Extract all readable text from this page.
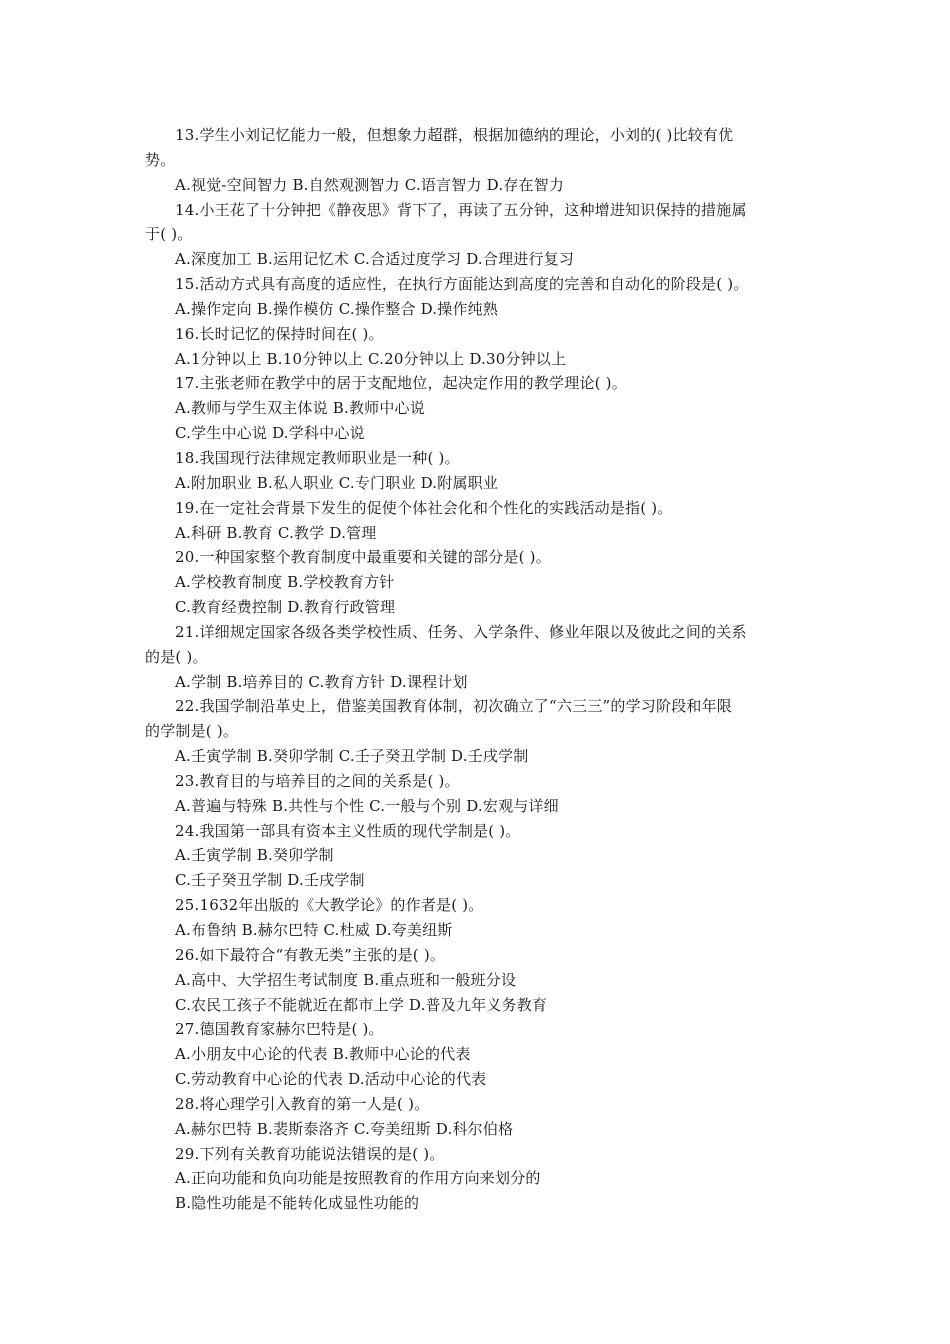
13.学生小刘记忆能力一般，但想象力超群，根据加德纳的理论，小刘的( )比较有优
势。
A.视觉-空间智力 B.自然观测智力 C.语言智力 D.存在智力
14.小王花了十分钟把《静夜思》背下了，再读了五分钟，这种增进知识保持的措施属
于( )。
A.深度加工 B.运用记忆术 C.合适过度学习 D.合理进行复习
15.活动方式具有高度的适应性，在执行方面能达到高度的完善和自动化的阶段是( )。
A.操作定向 B.操作模仿 C.操作整合 D.操作纯熟
16.长时记忆的保持时间在( )。
A.1分钟以上 B.10分钟以上 C.20分钟以上 D.30分钟以上
17.主张老师在教学中的居于支配地位，起决定作用的教学理论( )。
A.教师与学生双主体说 B.教师中心说
C.学生中心说 D.学科中心说
18.我国现行法律规定教师职业是一种( )。
A.附加职业 B.私人职业 C.专门职业 D.附属职业
19.在一定社会背景下发生的促使个体社会化和个性化的实践活动是指( )。
A.科研 B.教育 C.教学 D.管理
20.一种国家整个教育制度中最重要和关键的部分是( )。
A.学校教育制度 B.学校教育方针
C.教育经费控制 D.教育行政管理
21.详细规定国家各级各类学校性质、任务、入学条件、修业年限以及彼此之间的关系
的是( )。
A.学制 B.培养目的 C.教育方针 D.课程计划
22.我国学制沿革史上，借鉴美国教育体制，初次确立了“六三三”的学习阶段和年限
的学制是( )。
A.壬寅学制 B.癸卯学制 C.壬子癸丑学制 D.壬戌学制
23.教育目的与培养目的之间的关系是( )。
A.普遍与特殊 B.共性与个性 C.一般与个别 D.宏观与详细
24.我国第一部具有资本主义性质的现代学制是( )。
A.壬寅学制 B.癸卯学制
C.壬子癸丑学制 D.壬戌学制
25.1632年出版的《大教学论》的作者是( )。
A.布鲁纳 B.赫尔巴特 C.杜威 D.夸美纽斯
26.如下最符合“有教无类”主张的是( )。
A.高中、大学招生考试制度 B.重点班和一般班分设
C.农民工孩子不能就近在都市上学 D.普及九年义务教育
27.德国教育家赫尔巴特是( )。
A.小朋友中心论的代表 B.教师中心论的代表
C.劳动教育中心论的代表 D.活动中心论的代表
28.将心理学引入教育的第一人是( )。
A.赫尔巴特 B.裴斯泰洛齐 C.夸美纽斯 D.科尔伯格
29.下列有关教育功能说法错误的是( )。
A.正向功能和负向功能是按照教育的作用方向来划分的
B.隐性功能是不能转化成显性功能的
